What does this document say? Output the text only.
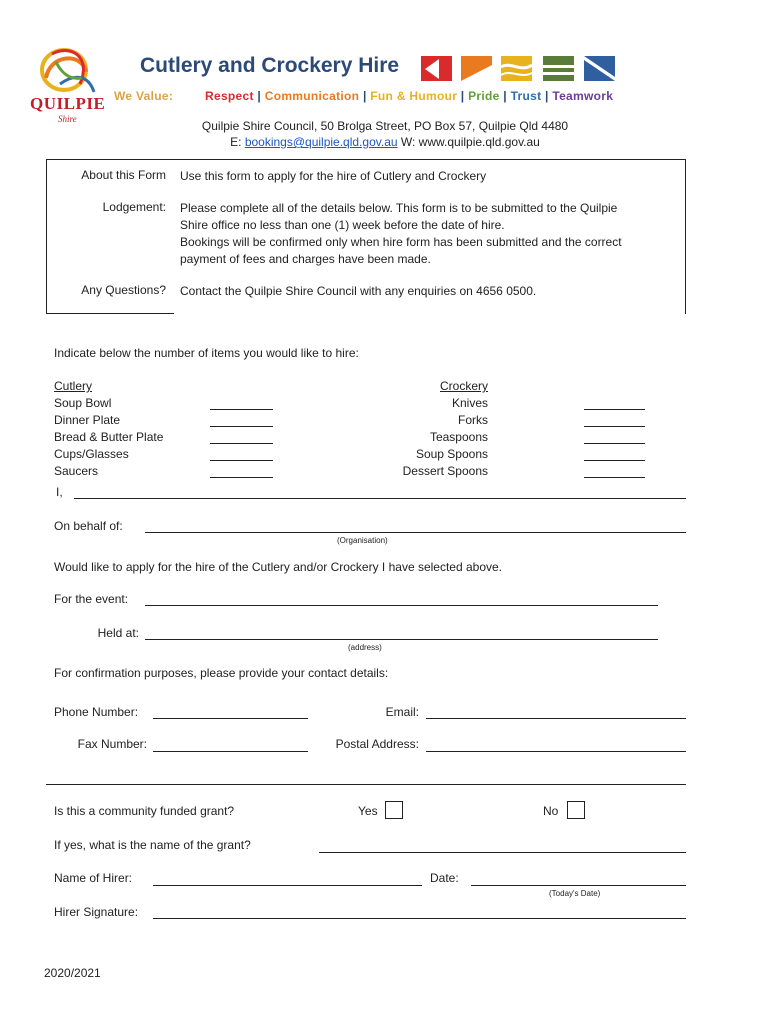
QUILPIE
Shire
Cutlery and Crockery Hire
We Value:	Respect | Communication | Fun & Humour | Pride | Trust | Teamwork
Quilpie Shire Council, 50 Brolga Street, PO Box 57, Quilpie Qld 4480
E: bookings@quilpie.qld.gov.au W: www.quilpie.qld.gov.au
About this Form Use this form to apply for the hire of Cutlery and Crockery
Lodgement: Please complete all of the details below. This form is to be submitted to the Quilpie
Shire office no less than one (1) week before the date of hire.
Bookings will be confirmed only when hire form has been submitted and the correct
payment of fees and charges have been made.
Any Questions? Contact the Quilpie Shire Council with any enquiries on 4656 0500.
Indicate below the number of items you would like to hire:
Cutlery
Soup Bowl
Dinner Plate
Bread & Butter Plate
Cups/Glasses
Saucers
Crockery
Knives
Forks
Teaspoons
Soup Spoons
Dessert Spoons
I,
On behalf of:
(Organisation)
Would like to apply for the hire of the Cutlery and/or Crockery I have selected above.
For the event:
Held at:
(address)
For confirmation purposes, please provide your contact details:
Phone Number:	Email:
Fax Number:	Postal Address:
Is this a community funded grant?	Yes	No
If yes, what is the name of the grant?
Name of Hirer:	Date:
(Today's Date)
Hirer Signature:
2020/2021
